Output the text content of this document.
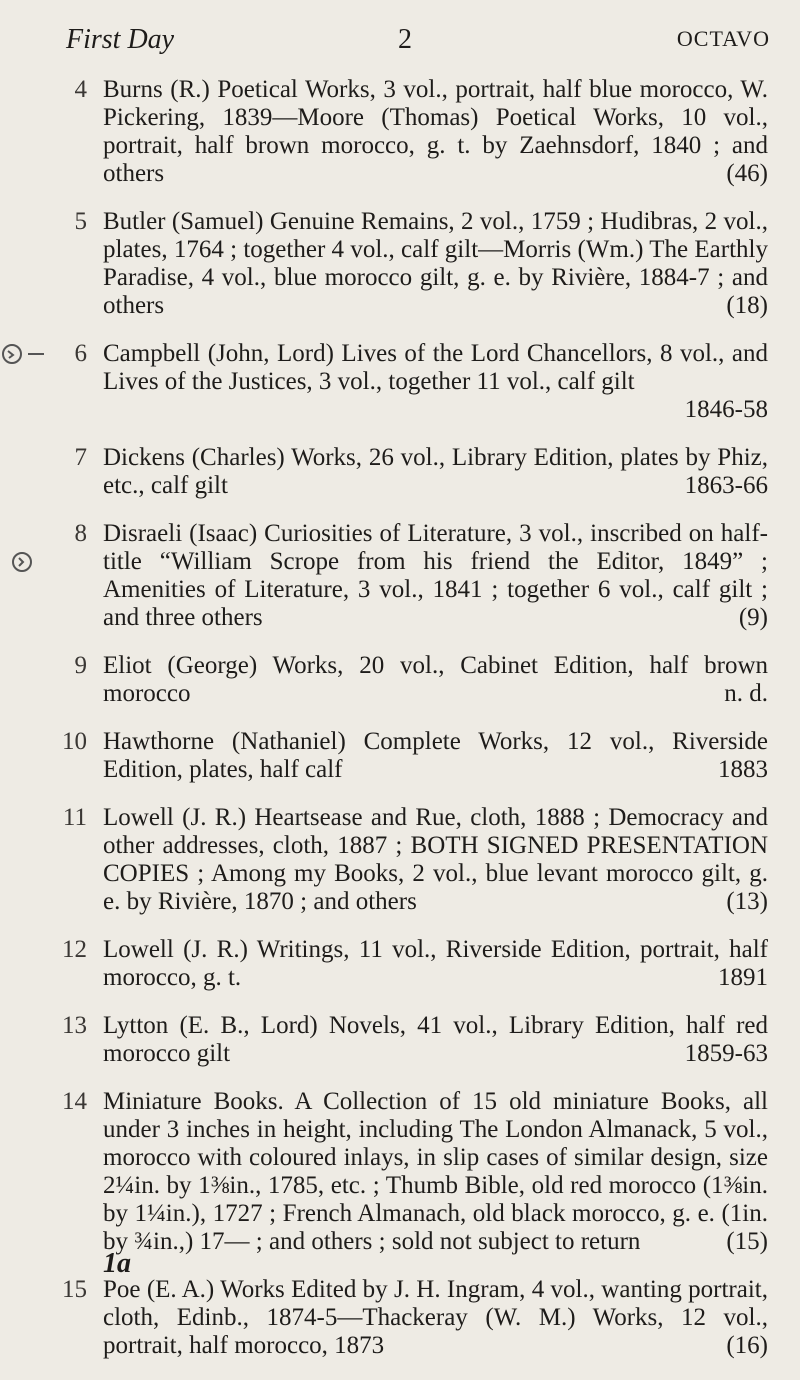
First Day	2	OCTAVO
4 Burns (R.) Poetical Works, 3 vol., portrait, half blue morocco, W. Pickering, 1839—Moore (Thomas) Poetical Works, 10 vol., portrait, half brown morocco, g. t. by Zaehnsdorf, 1840 ; and others	(46)
5 Butler (Samuel) Genuine Remains, 2 vol., 1759 ; Hudibras, 2 vol., plates, 1764 ; together 4 vol., calf gilt—Morris (Wm.) The Earthly Paradise, 4 vol., blue morocco gilt, g. e. by Rivière, 1884-7 ; and others	(18)
6 Campbell (John, Lord) Lives of the Lord Chancellors, 8 vol., and Lives of the Justices, 3 vol., together 11 vol., calf gilt
1846-58
7 Dickens (Charles) Works, 26 vol., Library Edition, plates by Phiz, etc., calf gilt	1863-66
8 Disraeli (Isaac) Curiosities of Literature, 3 vol., inscribed on half-title “William Scrope from his friend the Editor, 1849” ; Amenities of Literature, 3 vol., 1841 ; together 6 vol., calf gilt ; and three others	(9)
9 Eliot (George) Works, 20 vol., Cabinet Edition, half brown morocco	n. d.
10 Hawthorne (Nathaniel) Complete Works, 12 vol., Riverside Edition, plates, half calf	1883
11 Lowell (J. R.) Heartsease and Rue, cloth, 1888 ; Democracy and other addresses, cloth, 1887 ; BOTH SIGNED PRESENTATION COPIES ; Among my Books, 2 vol., blue levant morocco gilt, g. e. by Rivière, 1870 ; and others	(13)
12 Lowell (J. R.) Writings, 11 vol., Riverside Edition, portrait, half morocco, g. t.	1891
13 Lytton (E. B., Lord) Novels, 41 vol., Library Edition, half red morocco gilt	1859-63
14 Miniature Books. A Collection of 15 old miniature Books, all under 3 inches in height, including The London Almanack, 5 vol., morocco with coloured inlays, in slip cases of similar design, size 2¼in. by 1⅜in., 1785, etc. ; Thumb Bible, old red morocco (1⅜in. by 1¼in.), 1727 ; French Almanach, old black morocco, g. e. (1in. by ¾in.,) 17— ; and others ; sold not subject to return	(15)
15 Poe (E. A.) Works Edited by J. H. Ingram, 4 vol., wanting portrait, cloth, Edinb., 1874-5—Thackeray (W. M.) Works, 12 vol., portrait, half morocco, 1873	(16)
1a
